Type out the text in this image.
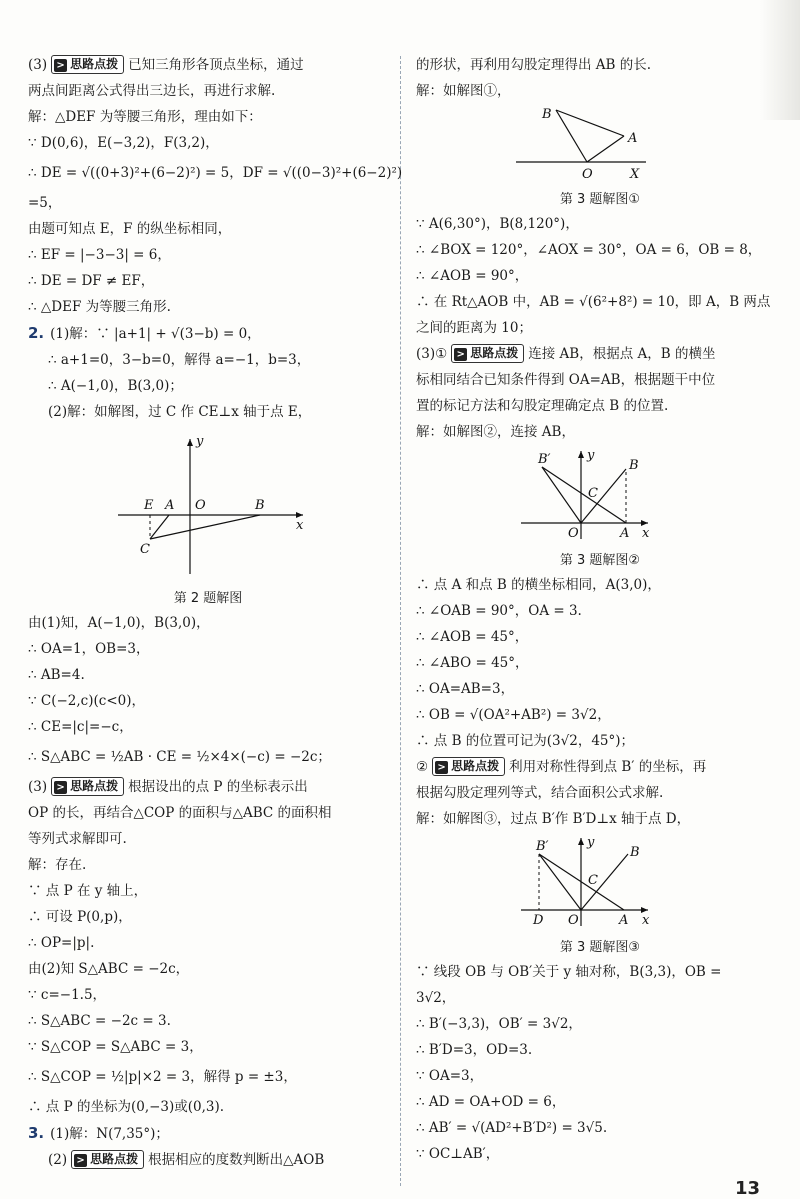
(3) > 思路点拨 已知三角形各顶点坐标，通过
两点间距离公式得出三边长，再进行求解.
解：△DEF 为等腰三角形，理由如下：
∵ D(0,6)，E(−3,2)，F(3,2)，
∴ DE = √((0+3)²+(6−2)²) = 5，DF = √((0−3)²+(6−2)²)
=5，
由题可知点 E，F 的纵坐标相同，
∴ EF = |−3−3| = 6，
∴ DE = DF ≠ EF，
∴ △DEF 为等腰三角形.
2. (1)解：∵ |a+1| + √(3−b) = 0，
∴ a+1=0，3−b=0，解得 a=−1，b=3，
∴ A(−1,0)，B(3,0)；
(2)解：如解图，过 C 作 CE⊥x 轴于点 E，
E A O	B
C
x
y
第 2 题解图
由(1)知，A(−1,0)，B(3,0)，
∴ OA=1，OB=3，
∴ AB=4.
∵ C(−2,c)(c<0)，
∴ CE=|c|=−c，
∴ S△ABC = ½AB · CE = ½×4×(−c) = −2c；
(3) > 思路点拨 根据设出的点 P 的坐标表示出
OP 的长，再结合△COP 的面积与△ABC 的面积相
等列式求解即可.
解：存在.
∵ 点 P 在 y 轴上，
∴ 可设 P(0,p)，
∴ OP=|p|.
由(2)知 S△ABC = −2c，
∵ c=−1.5，
∴ S△ABC = −2c = 3.
∵ S△COP = S△ABC = 3，
∴ S△COP = ½|p|×2 = 3，解得 p = ±3，
∴ 点 P 的坐标为(0,−3)或(0,3).
3. (1)解：N(7,35°)；
(2) > 思路点拨 根据相应的度数判断出△AOB
的形状，再利用勾股定理得出 AB 的长.
解：如解图①，
B
A
O	X
第 3 题解图①
∵ A(6,30°)，B(8,120°)，
∴ ∠BOX = 120°，∠AOX = 30°，OA = 6，OB = 8，
∴ ∠AOB = 90°，
∴ 在 Rt△AOB 中，AB = √(6²+8²) = 10，即 A，B 两点
之间的距离为 10；
(3)① > 思路点拨 连接 AB，根据点 A，B 的横坐
标相同结合已知条件得到 OA=AB，根据题干中位
置的标记方法和勾股定理确定点 B 的位置.
解：如解图②，连接 AB，
B′	B
C
O	A x
y
第 3 题解图②
∴ 点 A 和点 B 的横坐标相同，A(3,0)，
∴ ∠OAB = 90°，OA = 3.
∴ ∠AOB = 45°，
∴ ∠ABO = 45°，
∴ OA=AB=3，
∴ OB = √(OA²+AB²) = 3√2，
∴ 点 B 的位置可记为(3√2，45°)；
② > 思路点拨 利用对称性得到点 B′ 的坐标，再
根据勾股定理列等式，结合面积公式求解.
解：如解图③，过点 B′作 B′D⊥x 轴于点 D，
B′	B
C
D O	A x
y
第 3 题解图③
∵ 线段 OB 与 OB′关于 y 轴对称，B(3,3)，OB =
3√2，
∴ B′(−3,3)，OB′ = 3√2，
∴ B′D=3，OD=3.
∵ OA=3，
∴ AD = OA+OD = 6，
∴ AB′ = √(AD²+B′D²) = 3√5.
∵ OC⊥AB′，
13
